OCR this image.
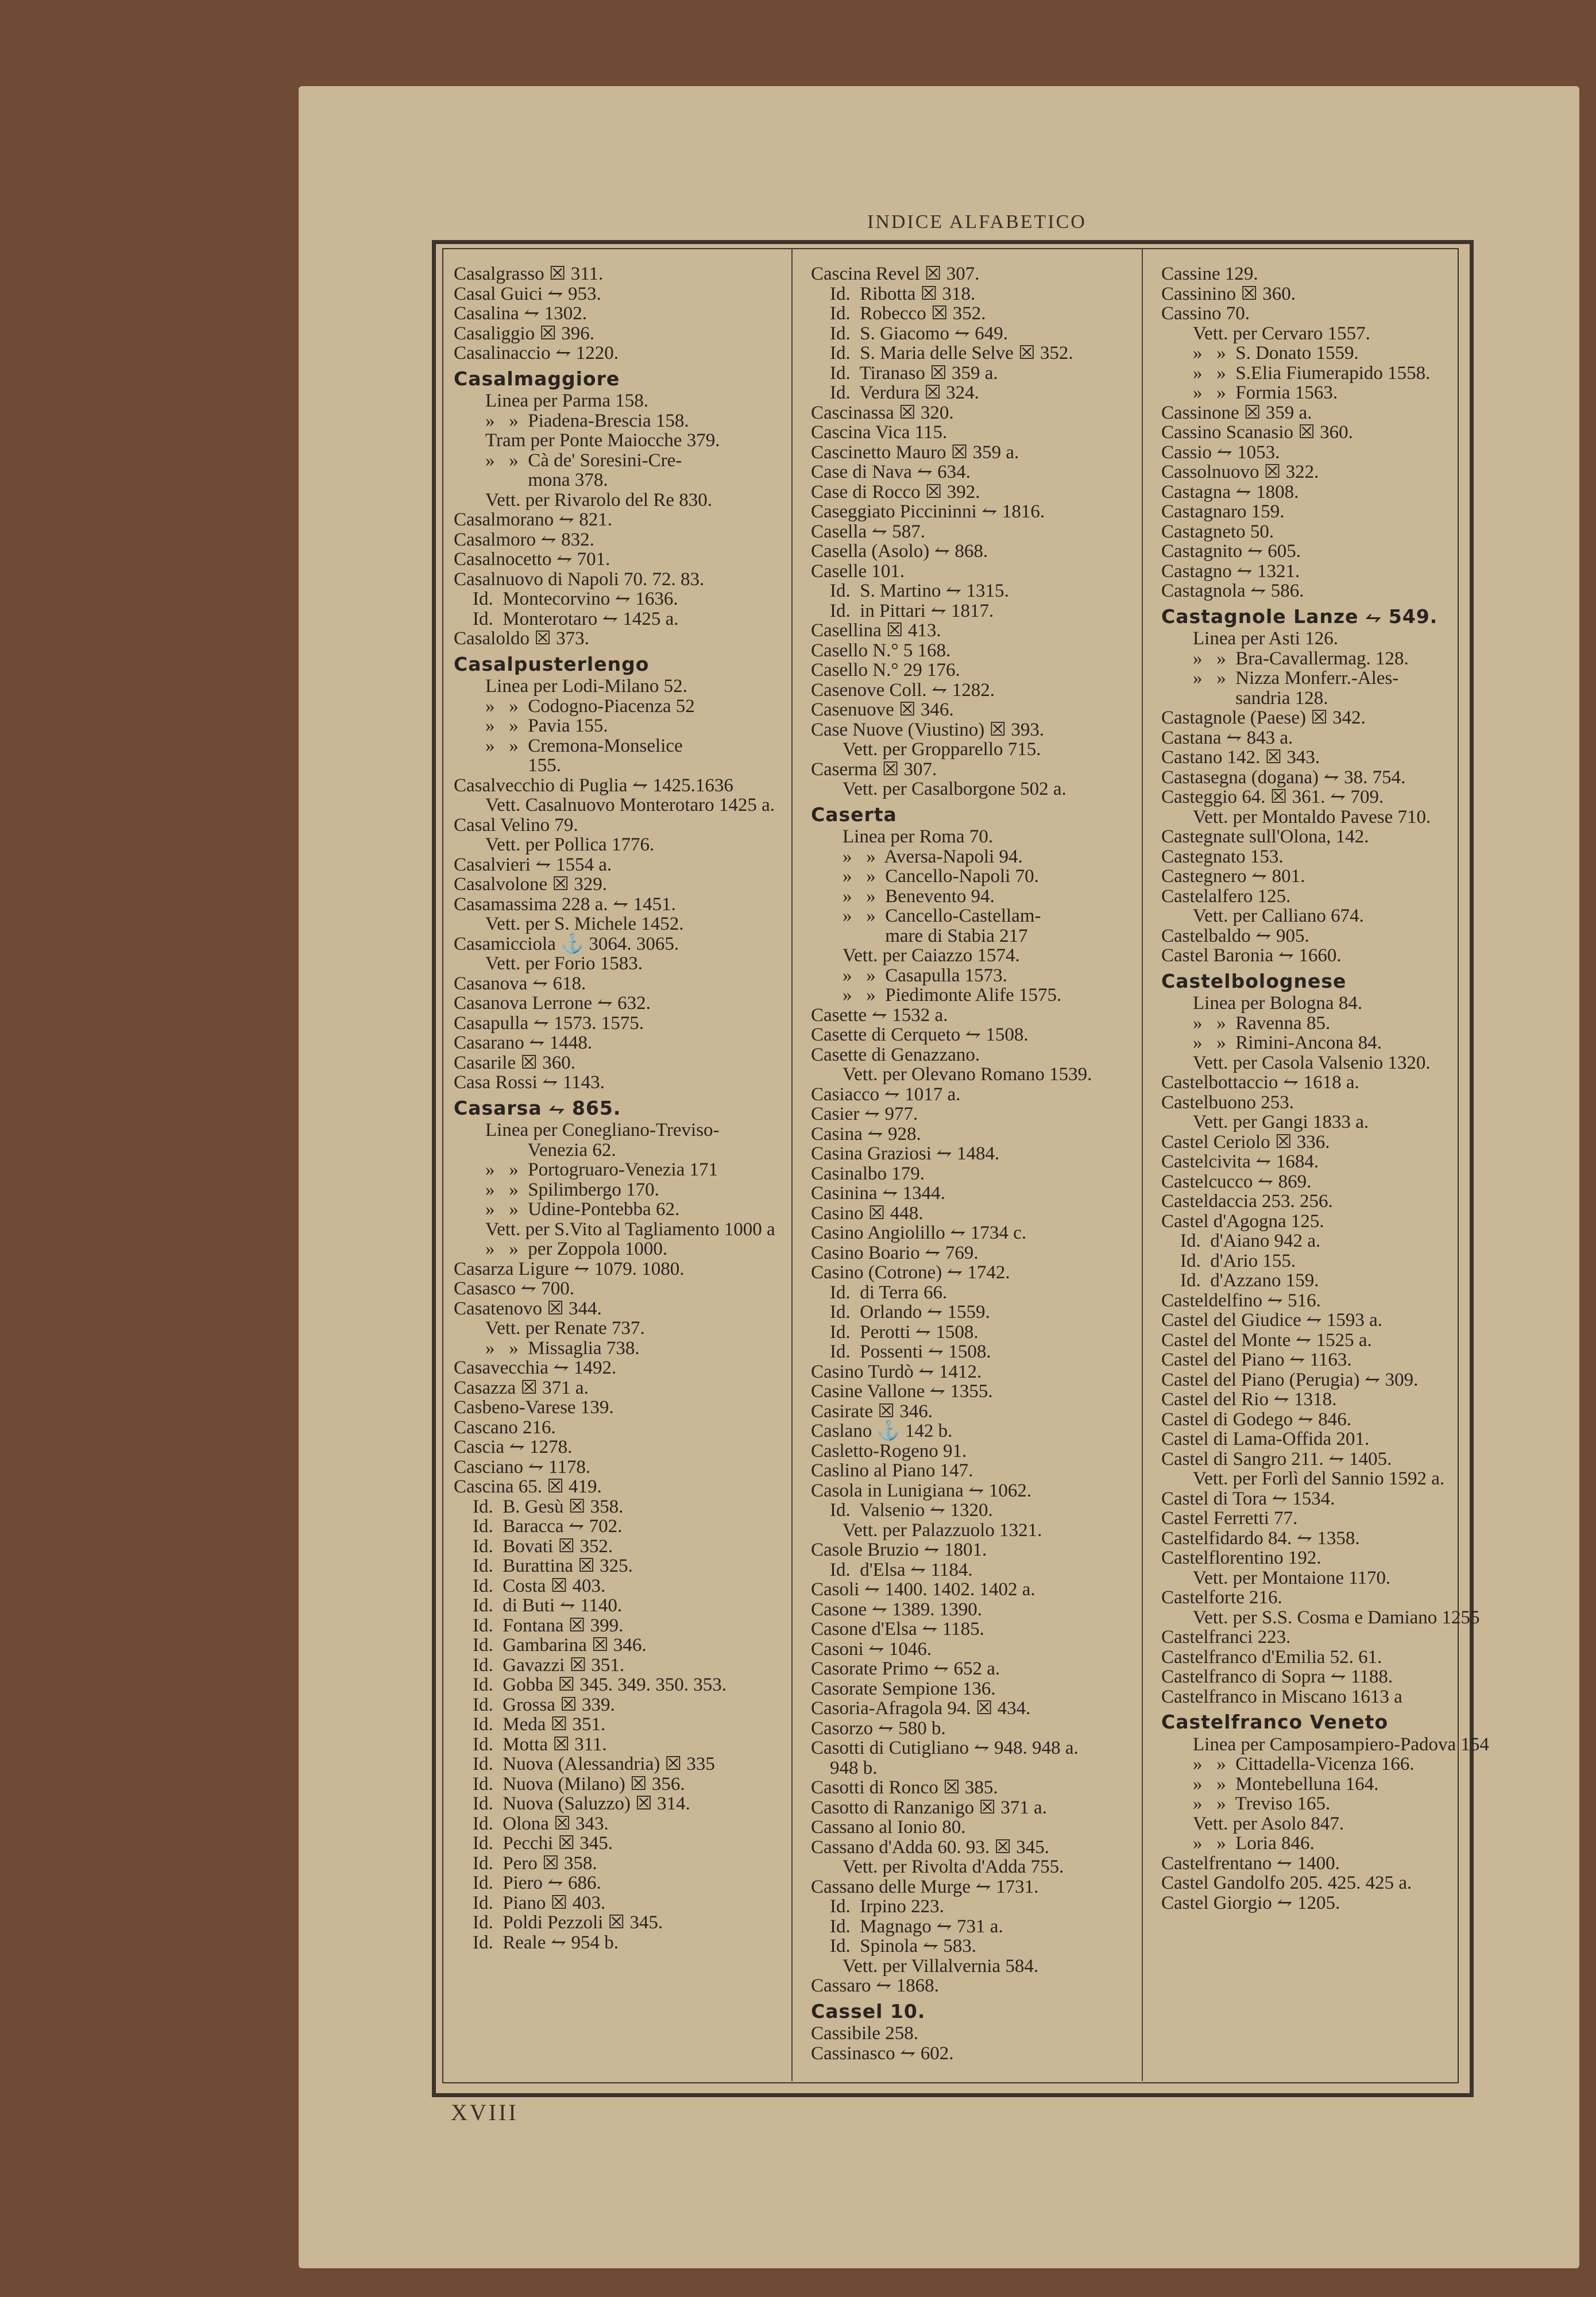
INDICE ALFABETICO
Casalgrasso ☒ 311.
Casal Guici ⥊ 953.
Casalina ⥊ 1302.
Casaliggio ☒ 396.
Casalinaccio ⥊ 1220.
Casalmaggiore
Linea per Parma 158.
»   »  Piadena-Brescia 158.
Tram per Ponte Maiocche 379.
»   »  Cà de' Soresini-Cre-
mona 378.
Vett. per Rivarolo del Re 830.
Casalmorano ⥊ 821.
Casalmoro ⥊ 832.
Casalnocetto ⥊ 701.
Casalnuovo di Napoli 70. 72. 83.
Id.  Montecorvino ⥊ 1636.
Id.  Monterotaro ⥊ 1425 a.
Casaloldo ☒ 373.
Casalpusterlengo
Linea per Lodi-Milano 52.
»   »  Codogno-Piacenza 52
»   »  Pavia 155.
»   »  Cremona-Monselice
155.
Casalvecchio di Puglia ⥊ 1425.1636
Vett. Casalnuovo Monterotaro 1425 a.
Casal Velino 79.
Vett. per Pollica 1776.
Casalvieri ⥊ 1554 a.
Casalvolone ☒ 329.
Casamassima 228 a. ⥊ 1451.
Vett. per S. Michele 1452.
Casamicciola ⚓ 3064. 3065.
Vett. per Forio 1583.
Casanova ⥊ 618.
Casanova Lerrone ⥊ 632.
Casapulla ⥊ 1573. 1575.
Casarano ⥊ 1448.
Casarile ☒ 360.
Casa Rossi ⥊ 1143.
Casarsa ⥊ 865.
Linea per Conegliano-Treviso-
Venezia 62.
»   »  Portogruaro-Venezia 171
»   »  Spilimbergo 170.
»   »  Udine-Pontebba 62.
Vett. per S.Vito al Tagliamento 1000 a
»   »  per Zoppola 1000.
Casarza Ligure ⥊ 1079. 1080.
Casasco ⥊ 700.
Casatenovo ☒ 344.
Vett. per Renate 737.
»   »  Missaglia 738.
Casavecchia ⥊ 1492.
Casazza ☒ 371 a.
Casbeno-Varese 139.
Cascano 216.
Cascia ⥊ 1278.
Casciano ⥊ 1178.
Cascina 65. ☒ 419.
Id.  B. Gesù ☒ 358.
Id.  Baracca ⥊ 702.
Id.  Bovati ☒ 352.
Id.  Burattina ☒ 325.
Id.  Costa ☒ 403.
Id.  di Buti ⥊ 1140.
Id.  Fontana ☒ 399.
Id.  Gambarina ☒ 346.
Id.  Gavazzi ☒ 351.
Id.  Gobba ☒ 345. 349. 350. 353.
Id.  Grossa ☒ 339.
Id.  Meda ☒ 351.
Id.  Motta ☒ 311.
Id.  Nuova (Alessandria) ☒ 335
Id.  Nuova (Milano) ☒ 356.
Id.  Nuova (Saluzzo) ☒ 314.
Id.  Olona ☒ 343.
Id.  Pecchi ☒ 345.
Id.  Pero ☒ 358.
Id.  Piero ⥊ 686.
Id.  Piano ☒ 403.
Id.  Poldi Pezzoli ☒ 345.
Id.  Reale ⥊ 954 b.
Cascina Revel ☒ 307.
Id.  Ribotta ☒ 318.
Id.  Robecco ☒ 352.
Id.  S. Giacomo ⥊ 649.
Id.  S. Maria delle Selve ☒ 352.
Id.  Tiranaso ☒ 359 a.
Id.  Verdura ☒ 324.
Cascinassa ☒ 320.
Cascina Vica 115.
Cascinetto Mauro ☒ 359 a.
Case di Nava ⥊ 634.
Case di Rocco ☒ 392.
Caseggiato Piccininni ⥊ 1816.
Casella ⥊ 587.
Casella (Asolo) ⥊ 868.
Caselle 101.
Id.  S. Martino ⥊ 1315.
Id.  in Pittari ⥊ 1817.
Casellina ☒ 413.
Casello N.° 5 168.
Casello N.° 29 176.
Casenove Coll. ⥊ 1282.
Casenuove ☒ 346.
Case Nuove (Viustino) ☒ 393.
Vett. per Gropparello 715.
Caserma ☒ 307.
Vett. per Casalborgone 502 a.
Caserta
Linea per Roma 70.
»   »  Aversa-Napoli 94.
»   »  Cancello-Napoli 70.
»   »  Benevento 94.
»   »  Cancello-Castellam-
mare di Stabia 217
Vett. per Caiazzo 1574.
»   »  Casapulla 1573.
»   »  Piedimonte Alife 1575.
Casette ⥊ 1532 a.
Casette di Cerqueto ⥊ 1508.
Casette di Genazzano.
Vett. per Olevano Romano 1539.
Casiacco ⥊ 1017 a.
Casier ⥊ 977.
Casina ⥊ 928.
Casina Graziosi ⥊ 1484.
Casinalbo 179.
Casinina ⥊ 1344.
Casino ☒ 448.
Casino Angiolillo ⥊ 1734 c.
Casino Boario ⥊ 769.
Casino (Cotrone) ⥊ 1742.
Id.  di Terra 66.
Id.  Orlando ⥊ 1559.
Id.  Perotti ⥊ 1508.
Id.  Possenti ⥊ 1508.
Casino Turdò ⥊ 1412.
Casine Vallone ⥊ 1355.
Casirate ☒ 346.
Caslano ⚓ 142 b.
Casletto-Rogeno 91.
Caslino al Piano 147.
Casola in Lunigiana ⥊ 1062.
Id.  Valsenio ⥊ 1320.
Vett. per Palazzuolo 1321.
Casole Bruzio ⥊ 1801.
Id.  d'Elsa ⥊ 1184.
Casoli ⥊ 1400. 1402. 1402 a.
Casone ⥊ 1389. 1390.
Casone d'Elsa ⥊ 1185.
Casoni ⥊ 1046.
Casorate Primo ⥊ 652 a.
Casorate Sempione 136.
Casoria-Afragola 94. ☒ 434.
Casorzo ⥊ 580 b.
Casotti di Cutigliano ⥊ 948. 948 a.
948 b.
Casotti di Ronco ☒ 385.
Casotto di Ranzanigo ☒ 371 a.
Cassano al Ionio 80.
Cassano d'Adda 60. 93. ☒ 345.
Vett. per Rivolta d'Adda 755.
Cassano delle Murge ⥊ 1731.
Id.  Irpino 223.
Id.  Magnago ⥊ 731 a.
Id.  Spinola ⥊ 583.
Vett. per Villalvernia 584.
Cassaro ⥊ 1868.
Cassel 10.
Cassibile 258.
Cassinasco ⥊ 602.
Cassine 129.
Cassinino ☒ 360.
Cassino 70.
Vett. per Cervaro 1557.
»   »  S. Donato 1559.
»   »  S.Elia Fiumerapido 1558.
»   »  Formia 1563.
Cassinone ☒ 359 a.
Cassino Scanasio ☒ 360.
Cassio ⥊ 1053.
Cassolnuovo ☒ 322.
Castagna ⥊ 1808.
Castagnaro 159.
Castagneto 50.
Castagnito ⥊ 605.
Castagno ⥊ 1321.
Castagnola ⥊ 586.
Castagnole Lanze ⥊ 549.
Linea per Asti 126.
»   »  Bra-Cavallermag. 128.
»   »  Nizza Monferr.-Ales-
sandria 128.
Castagnole (Paese) ☒ 342.
Castana ⥊ 843 a.
Castano 142. ☒ 343.
Castasegna (dogana) ⥊ 38. 754.
Casteggio 64. ☒ 361. ⥊ 709.
Vett. per Montaldo Pavese 710.
Castegnate sull'Olona, 142.
Castegnato 153.
Castegnero ⥊ 801.
Castelalfero 125.
Vett. per Calliano 674.
Castelbaldo ⥊ 905.
Castel Baronia ⥊ 1660.
Castelbolognese
Linea per Bologna 84.
»   »  Ravenna 85.
»   »  Rimini-Ancona 84.
Vett. per Casola Valsenio 1320.
Castelbottaccio ⥊ 1618 a.
Castelbuono 253.
Vett. per Gangi 1833 a.
Castel Ceriolo ☒ 336.
Castelcivita ⥊ 1684.
Castelcucco ⥊ 869.
Casteldaccia 253. 256.
Castel d'Agogna 125.
Id.  d'Aiano 942 a.
Id.  d'Ario 155.
Id.  d'Azzano 159.
Casteldelfino ⥊ 516.
Castel del Giudice ⥊ 1593 a.
Castel del Monte ⥊ 1525 a.
Castel del Piano ⥊ 1163.
Castel del Piano (Perugia) ⥊ 309.
Castel del Rio ⥊ 1318.
Castel di Godego ⥊ 846.
Castel di Lama-Offida 201.
Castel di Sangro 211. ⥊ 1405.
Vett. per Forlì del Sannio 1592 a.
Castel di Tora ⥊ 1534.
Castel Ferretti 77.
Castelfidardo 84. ⥊ 1358.
Castelflorentino 192.
Vett. per Montaione 1170.
Castelforte 216.
Vett. per S.S. Cosma e Damiano 1255
Castelfranci 223.
Castelfranco d'Emilia 52. 61.
Castelfranco di Sopra ⥊ 1188.
Castelfranco in Miscano 1613 a
Castelfranco Veneto
Linea per Camposampiero-Padova 154
»   »  Cittadella-Vicenza 166.
»   »  Montebelluna 164.
»   »  Treviso 165.
Vett. per Asolo 847.
»   »  Loria 846.
Castelfrentano ⥊ 1400.
Castel Gandolfo 205. 425. 425 a.
Castel Giorgio ⥊ 1205.
XVIII
